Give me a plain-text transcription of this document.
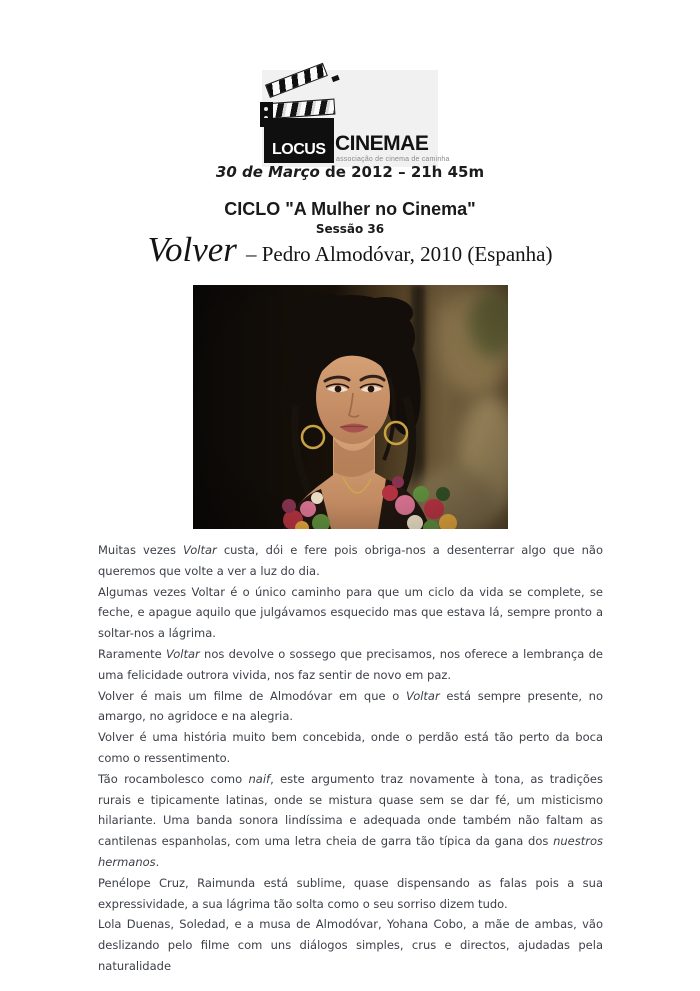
LOCUS CINEMAE
associação de cinema de caminha
30 de Março de 2012 – 21h 45m
CICLO "A Mulher no Cinema"
Sessão 36
Volver – Pedro Almodóvar, 2010 (Espanha)

Muitas vezes Voltar custa, dói e fere pois obriga-nos a desenterrar algo que não queremos que volte a ver a luz do dia.

Algumas vezes Voltar é o único caminho para que um ciclo da vida se complete, se feche, e apague aquilo que julgávamos esquecido mas que estava lá, sempre pronto a soltar-nos a lágrima.

Raramente Voltar nos devolve o sossego que precisamos, nos oferece a lembrança de uma felicidade outrora vivida, nos faz sentir de novo em paz.

Volver é mais um filme de Almodóvar em que o Voltar está sempre presente, no amargo, no agridoce e na alegria.

Volver é uma história muito bem concebida, onde o perdão está tão perto da boca como o ressentimento.

Tão rocambolesco como naif, este argumento traz novamente à tona, as tradições rurais e tipicamente latinas, onde se mistura quase sem se dar fé, um misticismo hilariante. Uma banda sonora lindíssima e adequada onde também não faltam as cantilenas espanholas, com uma letra cheia de garra tão típica da gana dos nuestros hermanos.

Penélope Cruz, Raimunda está sublime, quase dispensando as falas pois a sua expressividade, a sua lágrima tão solta como o seu sorriso dizem tudo.

Lola Duenas, Soledad, e a musa de Almodóvar, Yohana Cobo, a mãe de ambas, vão deslizando pelo filme com uns diálogos simples, crus e directos, ajudadas pela naturalidade
